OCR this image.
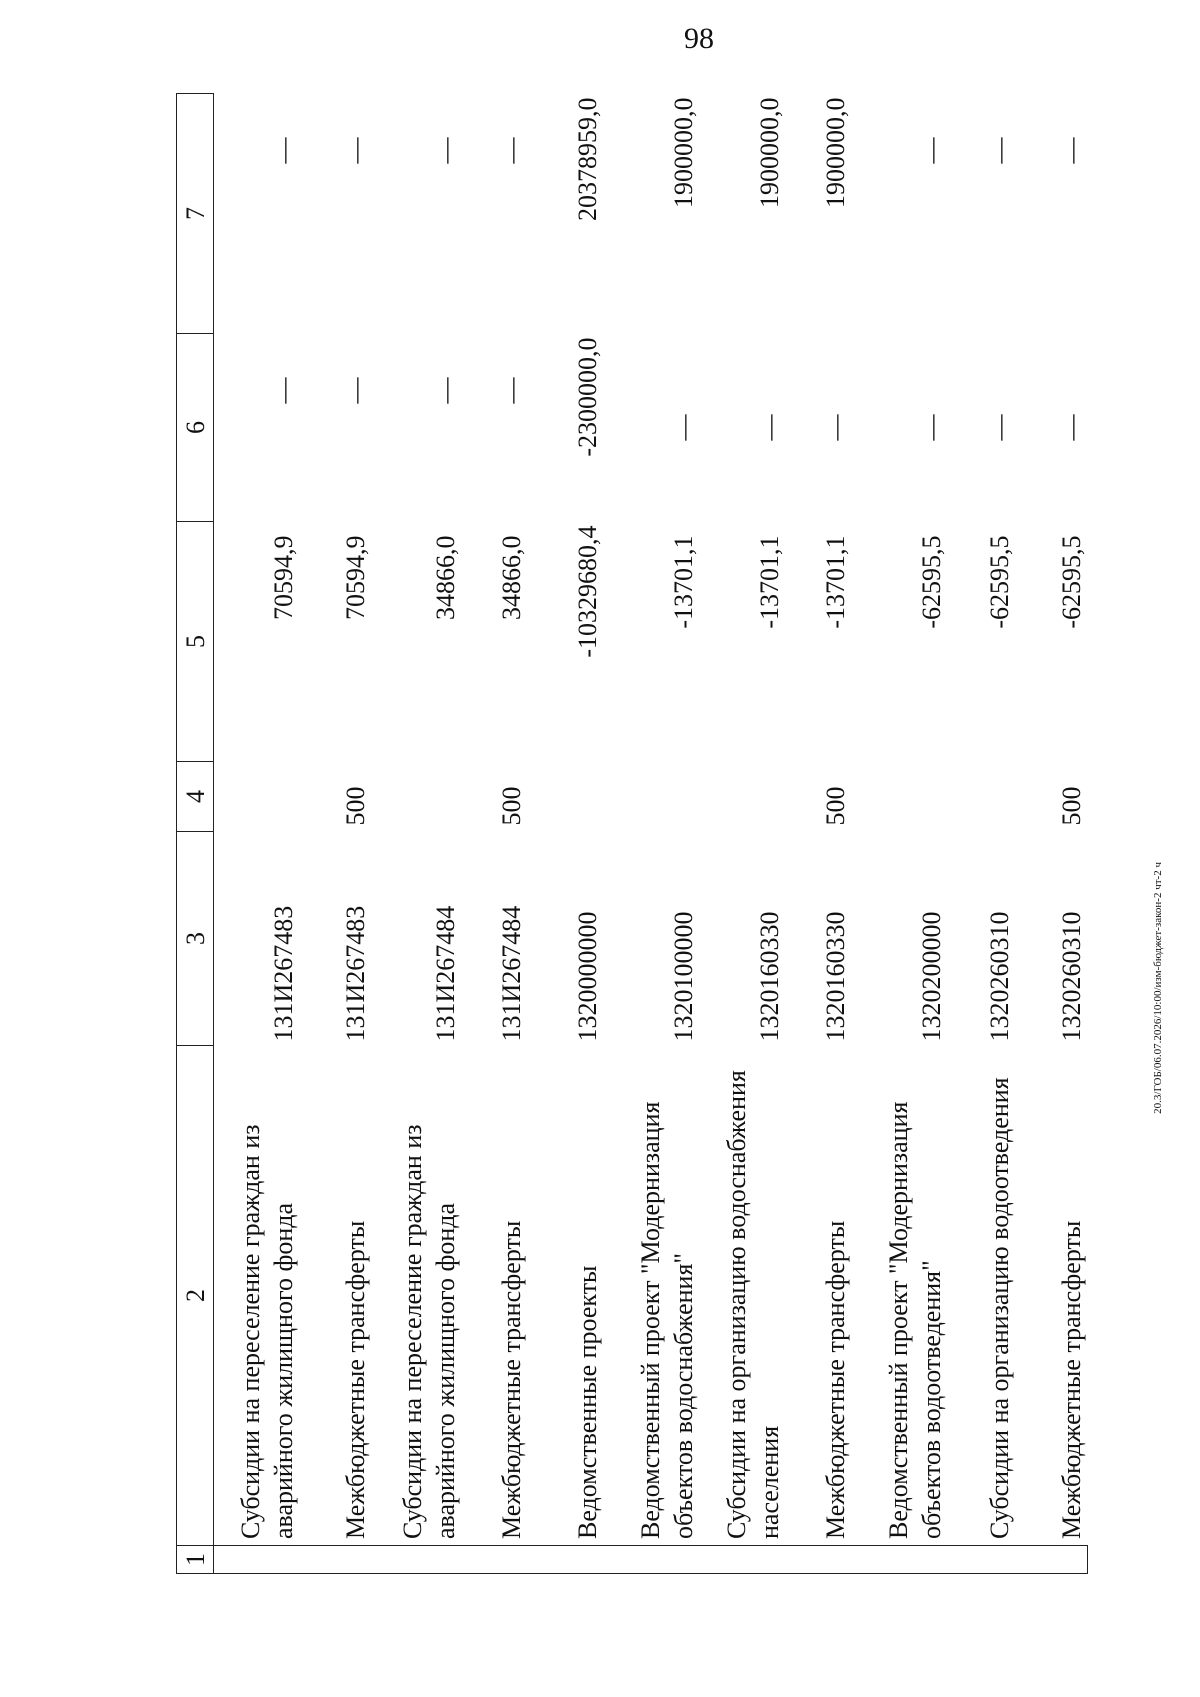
98
20.3/ГОБ/06.07.2026/10:00/изм-бюджет-закон-2 чт-2 ч
1	2	3	4	5	6	7
	Субсидии на переселение граждан из аварийного жилищного фонда	131И267483		70594,9	—	—
	Межбюджетные трансферты	131И267483	500	70594,9	—	—
	Субсидии на переселение граждан из аварийного жилищного фонда	131И267484		34866,0	—	—
	Межбюджетные трансферты	131И267484	500	34866,0	—	—
	Ведомственные проекты	1320000000		-10329680,4	-2300000,0	20378959,0
	Ведомственный проект "Модернизация объектов водоснабжения"	1320100000		-13701,1	—	1900000,0
	Субсидии на организацию водоснабжения населения	1320160330		-13701,1	—	1900000,0
	Межбюджетные трансферты	1320160330	500	-13701,1	—	1900000,0
	Ведомственный проект "Модернизация объектов водоотведения"	1320200000		-62595,5	—	—
	Субсидии на организацию водоотведения	1320260310		-62595,5	—	—
	Межбюджетные трансферты	1320260310	500	-62595,5	—	—
